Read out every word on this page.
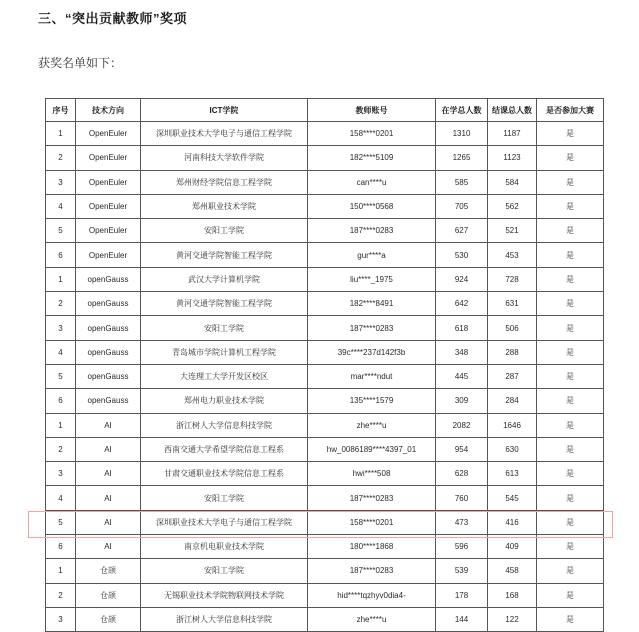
三、“突出贡献教师”奖项
获奖名单如下：
序号	技术方向	ICT学院	教师账号	在学总人数	结课总人数	是否参加大赛
1	OpenEuler	深圳职业技术大学电子与通信工程学院	158****0201	1310	1187	是
2	OpenEuler	河南科技大学软件学院	182****5109	1265	1123	是
3	OpenEuler	郑州财经学院信息工程学院	can****u	585	584	是
4	OpenEuler	郑州职业技术学院	150****0568	705	562	是
5	OpenEuler	安阳工学院	187****0283	627	521	是
6	OpenEuler	黄河交通学院智能工程学院	gur****a	530	453	是
1	openGauss	武汉大学计算机学院	liu****_1975	924	728	是
2	openGauss	黄河交通学院智能工程学院	182****8491	642	631	是
3	openGauss	安阳工学院	187****0283	618	506	是
4	openGauss	青岛城市学院计算机工程学院	39c****237d142f3b	348	288	是
5	openGauss	大连理工大学开发区校区	mar****ndut	445	287	是
6	openGauss	郑州电力职业技术学院	135****1579	309	284	是
1	AI	浙江树人大学信息科技学院	zhe****u	2082	1646	是
2	AI	西南交通大学希望学院信息工程系	hw_0086189****4397_01	954	630	是
3	AI	甘肃交通职业技术学院信息工程系	hwi****508	628	613	是
4	AI	安阳工学院	187****0283	760	545	是
5	AI	深圳职业技术大学电子与通信工程学院	158****0201	473	416	是
6	AI	南京机电职业技术学院	180****1868	596	409	是
1	仓颉	安阳工学院	187****0283	539	458	是
2	仓颉	无锡职业技术学院物联网技术学院	hid****tqzhyv0dia4-	178	168	是
3	仓颉	浙江树人大学信息科技学院	zhe****u	144	122	是
